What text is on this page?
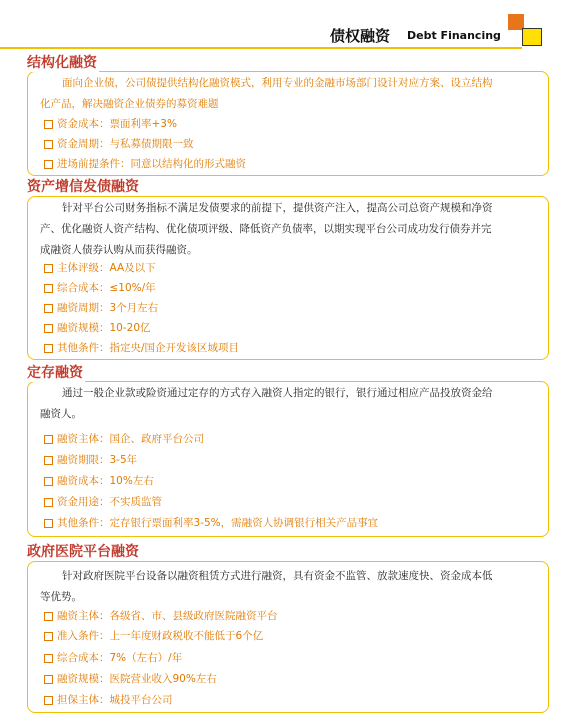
债权融资 Debt Financing
结构化融资
面向企业债，公司债提供结构化融资模式，利用专业的金融市场部门设计对应方案、设立结构
化产品，解决融资企业债券的募资难题
资金成本：票面利率+3%
资金周期：与私募债期限一致
进场前提条件：同意以结构化的形式融资
资产增信发债融资
针对平台公司财务指标不满足发债要求的前提下，提供资产注入，提高公司总资产规模和净资
产、优化融资人资产结构、优化债项评级、降低资产负债率，以期实现平台公司成功发行债券并完
成融资人债券认购从而获得融资。
主体评级：AA及以下
综合成本：≤10%/年
融资周期：3个月左右
融资规模：10-20亿
其他条件：指定央/国企开发该区域项目
定存融资
通过一般企业款或险资通过定存的方式存入融资人指定的银行，银行通过相应产品投放资金给
融资人。
融资主体：国企、政府平台公司
融资期限：3-5年
融资成本：10%左右
资金用途：不实质监管
其他条件：定存银行票面利率3-5%，需融资人协调银行相关产品事宜
政府医院平台融资
针对政府医院平台设备以融资租赁方式进行融资，具有资金不监管、放款速度快、资金成本低
等优势。
融资主体：各级省、市、县级政府医院融资平台
准入条件：上一年度财政税收不能低于6个亿
综合成本：7%（左右）/年
融资规模：医院营业收入90%左右
担保主体：城投平台公司
